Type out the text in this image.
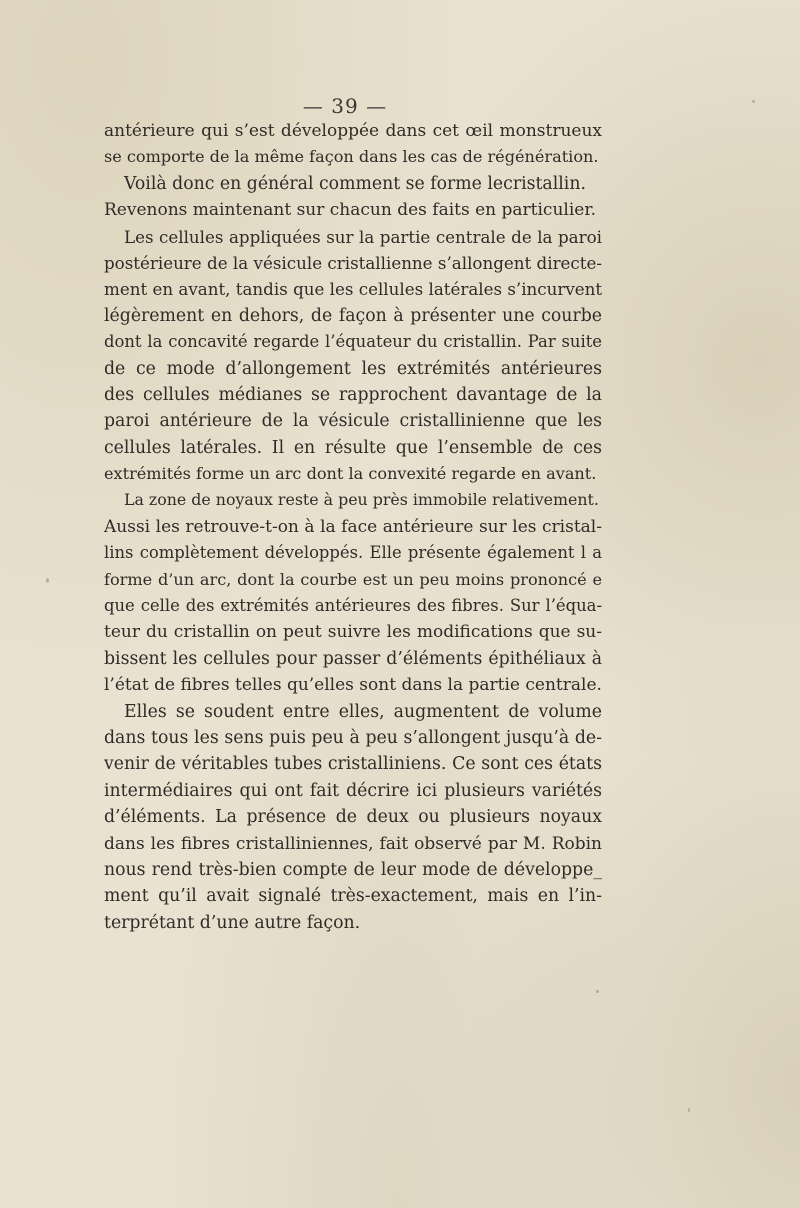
— 39 —
antérieure qui s’est développée dans cet œil monstrueux
se comporte de la même façon dans les cas de régénération.
Voilà donc en général comment se forme lecristallin.
Revenons maintenant sur chacun des faits en particulier.
Les cellules appliquées sur la partie centrale de la paroi
postérieure de la vésicule cristallienne s’allongent directe-
ment en avant, tandis que les cellules latérales s’incurvent
légèrement en dehors, de façon à présenter une courbe
dont la concavité regarde l’équateur du cristallin. Par suite
de ce mode d’allongement les extrémités antérieures
des cellules médianes se rapprochent davantage de la
paroi antérieure de la vésicule cristallinienne que les
cellules latérales. Il en résulte que l’ensemble de ces
extrémités forme un arc dont la convexité regarde en avant.
La zone de noyaux reste à peu près immobile relativement.
Aussi les retrouve-t-on à la face antérieure sur les cristal-
lins complètement développés. Elle présente également l a
forme d’un arc, dont la courbe est un peu moins prononcé e
que celle des extrémités antérieures des fibres. Sur l’équa-
teur du cristallin on peut suivre les modifications que su-
bissent les cellules pour passer d’éléments épithéliaux à
l’état de fibres telles qu’elles sont dans la partie centrale.
Elles se soudent entre elles, augmentent de volume
dans tous les sens puis peu à peu s’allongent jusqu’à de-
venir de véritables tubes cristalliniens. Ce sont ces états
intermédiaires qui ont fait décrire ici plusieurs variétés
d’éléments. La présence de deux ou plusieurs noyaux
dans les fibres cristalliniennes, fait observé par M. Robin
nous rend très-bien compte de leur mode de développe_
ment qu’il avait signalé très-exactement, mais en l’in-
terprétant d’une autre façon.
